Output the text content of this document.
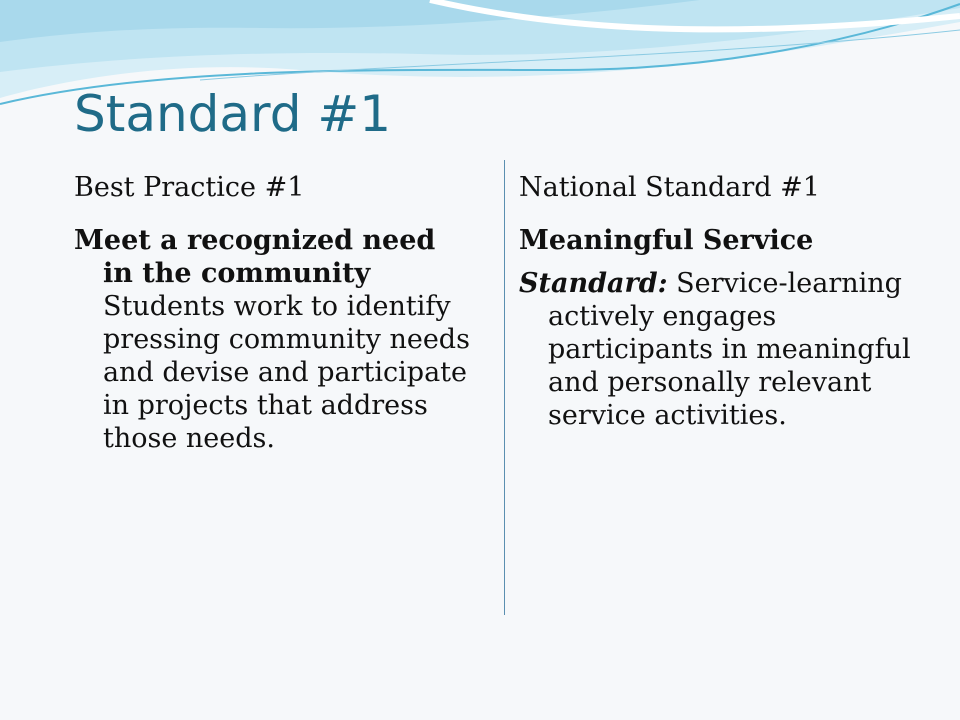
Standard #1

Best Practice #1

Meet a recognized need in the community Students work to identify pressing community needs and devise and participate in projects that address those needs.

National Standard #1

Meaningful Service

Standard: Service-learning actively engages participants in meaningful and personally relevant service activities.
